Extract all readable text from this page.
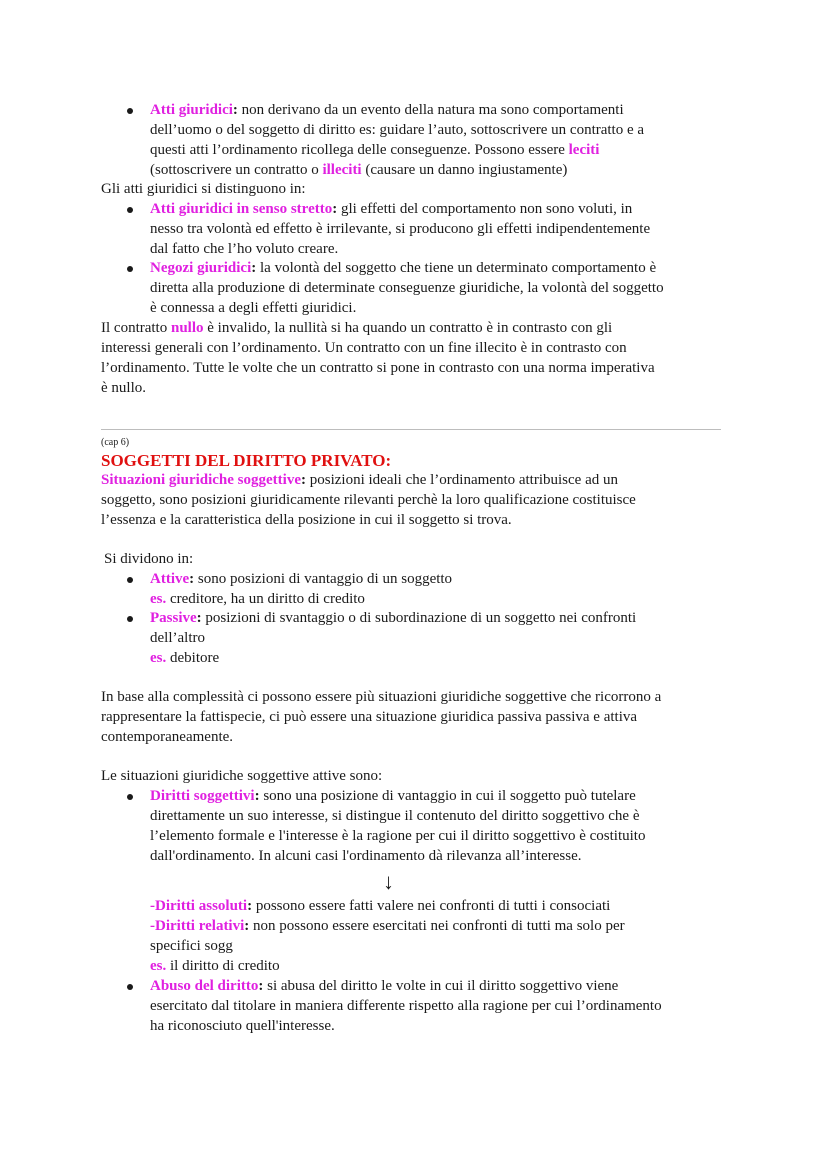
Atti giuridici: non derivano da un evento della natura ma sono comportamenti
dell’uomo o del soggetto di diritto es: guidare l’auto, sottoscrivere un contratto e a
questi atti l’ordinamento ricollega delle conseguenze. Possono essere leciti
(sottoscrivere un contratto o illeciti (causare un danno ingiustamente)
Gli atti giuridici si distinguono in:
Atti giuridici in senso stretto: gli effetti del comportamento non sono voluti, in
nesso tra volontà ed effetto è irrilevante, si producono gli effetti indipendentemente
dal fatto che l’ho voluto creare.
Negozi giuridici: la volontà del soggetto che tiene un determinato comportamento è
diretta alla produzione di determinate conseguenze giuridiche, la volontà del soggetto
è connessa a degli effetti giuridici.
Il contratto nullo è invalido, la nullità si ha quando un contratto è in contrasto con gli
interessi generali con l’ordinamento. Un contratto con un fine illecito è in contrasto con
l’ordinamento. Tutte le volte che un contratto si pone in contrasto con una norma imperativa
è nullo.
(cap 6)
SOGGETTI DEL DIRITTO PRIVATO:
Situazioni giuridiche soggettive: posizioni ideali che l’ordinamento attribuisce ad un
soggetto, sono posizioni giuridicamente rilevanti perchè la loro qualificazione costituisce
l’essenza e la caratteristica della posizione in cui il soggetto si trova.
Si dividono in:
Attive: sono posizioni di vantaggio di un soggetto
es. creditore, ha un diritto di credito
Passive: posizioni di svantaggio o di subordinazione di un soggetto nei confronti
dell’altro
es. debitore
In base alla complessità ci possono essere più situazioni giuridiche soggettive che ricorrono a
rappresentare la fattispecie, ci può essere una situazione giuridica passiva passiva e attiva
contemporaneamente.
Le situazioni giuridiche soggettive attive sono:
Diritti soggettivi: sono una posizione di vantaggio in cui il soggetto può tutelare
direttamente un suo interesse, si distingue il contenuto del diritto soggettivo che è
l’elemento formale e l'interesse è la ragione per cui il diritto soggettivo è costituito
dall'ordinamento. In alcuni casi l'ordinamento dà rilevanza all’interesse.
↓
-Diritti assoluti: possono essere fatti valere nei confronti di tutti i consociati
-Diritti relativi: non possono essere esercitati nei confronti di tutti ma solo per
specifici sogg
es. il diritto di credito
Abuso del diritto: si abusa del diritto le volte in cui il diritto soggettivo viene
esercitato dal titolare in maniera differente rispetto alla ragione per cui l’ordinamento
ha riconosciuto quell'interesse.
